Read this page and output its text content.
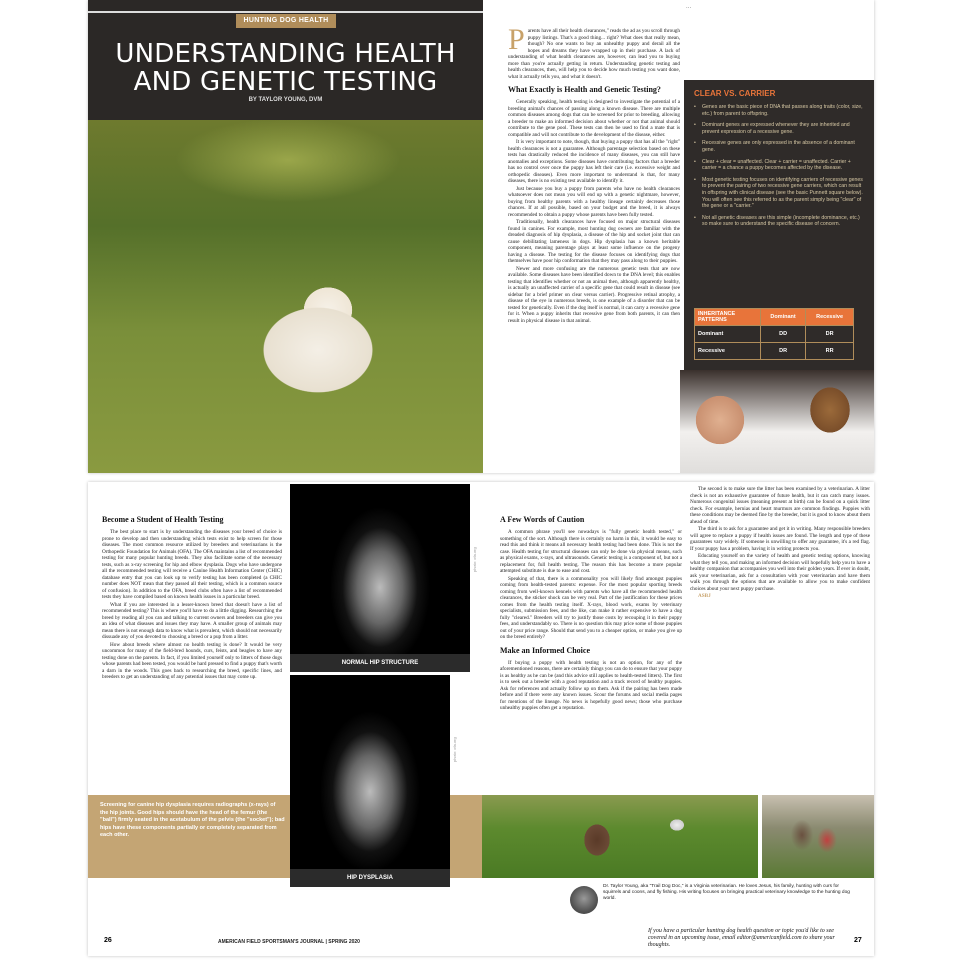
HUNTING DOG HEALTH
UNDERSTANDING HEALTH
AND GENETIC TESTING
BY TAYLOR YOUNG, DVM
P arents have all their health clearances," reads the ad as you scroll through puppy listings. That's a good thing... right? What does that really mean, though? No one wants to buy an unhealthy puppy and derail all the hopes and dreams they have wrapped up in their purchase. A lack of understanding of what health clearances are, however, can lead you to buying more than you're actually getting in return. Understanding genetic testing and health clearances, then, will help you to decide how much testing you want done, what it actually tells you, and what it doesn't.

What Exactly is Health and Genetic Testing?

Generally speaking, health testing is designed to investigate the potential of a breeding animal's chances of passing along a known disease. There are multiple common diseases among dogs that can be screened for prior to breeding, allowing a breeder to make an informed decision about whether or not that animal should contribute to the gene pool. These tests can then be used to find a mate that is compatible and will not contribute to the development of the disease, either.

It is very important to note, though, that buying a puppy that has all the "right" health clearances is not a guarantee. Although parentage selection based on these tests has drastically reduced the incidence of many diseases, you can still have anomalies and exceptions. Some diseases have contributing factors that a breeder has no control over once the puppy has left their care (i.e. excessive weight and orthopedic diseases). Even more important to understand is that, for many diseases, there is no existing test available to identify it.

Just because you buy a puppy from parents who have no health clearances whatsoever does not mean you will end up with a genetic nightmare, however, buying from healthy parents with a healthy lineage certainly decreases those chances. If at all possible, based on your budget and the breed, it is always recommended to obtain a puppy whose parents have been fully tested.

Traditionally, health clearances have focused on major structural diseases found in canines. For example, most hunting dog owners are familiar with the dreaded diagnosis of hip dysplasia, a disease of the hip and socket joint that can cause debilitating lameness in dogs. Hip dysplasia has a known heritable component, meaning parentage plays at least some influence on the progeny having a disease. The testing for the disease focuses on identifying dogs that themselves have poor hip conformation that they may pass along to their puppies.

Newer and more confusing are the numerous genetic tests that are now available. Some diseases have been identified down to the DNA level; this enables testing that identifies whether or not an animal then, although apparently healthy, is actually an unaffected carrier of a specific gene that could result in disease (see sidebar for a brief primer on clear versus carrier). Progressive retinal atrophy, a disease of the eye in numerous breeds, is one example of a disorder that can be tested for genetically. Even if the dog itself is normal, it can carry a recessive gene for it. When a puppy inherits that recessive gene from both parents, it can then result in physical disease in that animal.

…

CLEAR VS. CARRIER
• Genes are the basic piece of DNA that passes along traits (color, size, etc.) from parent to offspring.
• Dominant genes are expressed whenever they are inherited and prevent expression of a recessive gene.
• Recessive genes are only expressed in the absence of a dominant gene.
• Clear + clear = unaffected. Clear + carrier = unaffected. Carrier + carrier = a chance a puppy becomes affected by the disease.
• Most genetic testing focuses on identifying carriers of recessive genes to prevent the pairing of two recessive gene carriers, which can result in offspring with clinical disease (see the basic Punnett square below). You will often see this referred to as the parent simply being "clear" of the gene or a "carrier."
• Not all genetic diseases are this simple (incomplete dominance, etc.) so make sure to understand the specific disease of concern.
INHERITANCE PATTERNS	Dominant	Recessive
Dominant	DD	DR
Recessive	DR	RR
Become a Student of Health Testing

The best place to start is by understanding the diseases your breed of choice is prone to develop and then understanding which tests exist to help screen for those diseases. The most common resource utilized by breeders and veterinarians is the Orthopedic Foundation for Animals (OFA). The OFA maintains a list of recommended testing for many popular hunting breeds. They also facilitate some of the necessary tests, such as x-ray screening for hip and elbow dysplasia. Dogs who have undergone all the recommended testing will receive a Canine Health Information Center (CHIC) database entry that you can look up to verify testing has been completed (a CHIC number does NOT mean that they passed all their testing, which is a common source of confusion). In addition to the OFA, breed clubs often have a list of recommended tests they have compiled based on known health issues in a particular breed.

What if you are interested in a lesser-known breed that doesn't have a list of recommended testing? This is where you'll have to do a little digging. Researching the breed by reading all you can and talking to current owners and breeders can give you an idea of what diseases and issues they may have. A smaller group of animals may mean there is not enough data to know what is prevalent, which should not necessarily dissuade any of you devoted to choosing a breed or a pup from a litter.

How about breeds where almost no health testing is done? It would be very uncommon for many of the field-bred hounds, curs, feists, and beagles to have any testing done on the parents. In fact, if you limited yourself only to litters of those dogs whose parents had been tested, you would be hard pressed to find a puppy that's worth a darn in the woods. This goes back to researching the breed, specific lines, and breeders to get an understanding of any potential issues that may come up.

Screening for canine hip dysplasia requires radiographs (x-rays) of the hip joints. Good hips should have the head of the femur (the "ball") firmly seated in the acetabulum of the pelvis (the "socket"); bad hips have these components partially or completely separated from each other.
NORMAL HIP STRUCTURE
photo: ofa.org
HIP DYSPLASIA
photo: ofa.org
A Few Words of Caution

A common phrase you'll see nowadays is "fully genetic health tested," or something of the sort. Although there is certainly no harm in this, it would be easy to read this and think it means all necessary health testing had been done. This is not the case. Health testing for structural diseases can only be done via physical means, such as physical exams, x-rays, and ultrasounds. Genetic testing is a component of, but not a replacement for, full health testing. The reason this has become a more popular attempted substitute is due to ease and cost.

Speaking of that, there is a commonality you will likely find amongst puppies coming from health-tested parents: expense. For the most popular sporting breeds coming from well-known kennels with parents who have all the recommended health clearances, the sticker shock can be very real. Part of the justification for these prices comes from the health testing itself. X-rays, blood work, exams by veterinary specialists, submission fees, and the like, can make it rather expensive to have a dog fully "cleared." Breeders will try to justify those costs by recouping it in their puppy fees, and understandably so. There is no question this may price some of those puppies out of your price range. Should that send you to a cheaper option, or make you give up on the breed entirely?

Make an Informed Choice

If buying a puppy with health testing is not an option, for any of the aforementioned reasons, there are certainly things you can do to ensure that your puppy is as healthy as he can be (and this advice still applies to health-tested litters). The first is to seek out a breeder with a good reputation and a track record of healthy puppies. Ask for references and actually follow up on them. Ask if the pairing has been made before and if there were any known issues. Scour the forums and social media pages for mentions of the lineage. No news is hopefully good news; those who purchase unhealthy puppies often get a reputation.

The second is to make sure the litter has been examined by a veterinarian. A litter check is not an exhaustive guarantee of future health, but it can catch many issues. Numerous congenital issues (meaning present at birth) can be found on a quick litter check. For example, hernias and heart murmurs are common findings. Puppies with these conditions may be deemed fine by the breeder, but it is good to know about them ahead of time.

The third is to ask for a guarantee and get it in writing. Many responsible breeders will agree to replace a puppy if health issues are found. The length and type of these guarantees vary widely. If someone is unwilling to offer any guarantee, it's a red flag. If your puppy has a problem, having it in writing protects you.

Educating yourself on the variety of health and genetic testing options, knowing what they tell you, and making an informed decision will hopefully help you to have a healthy companion that accompanies you well into their golden years. If ever in doubt, ask your veterinarian, ask for a consultation with your veterinarian and have them walk you through the options that are available to allow you to make confident choices about your next puppy purchase.

ASBJ

Dr. Taylor Young, aka "Trail Dog Doc," is a Virginia veterinarian. He loves Jesus, his family, hunting with curs for squirrels and coons, and fly fishing. His writing focuses on bringing practical veterinary knowledge to the hunting dog world.
If you have a particular hunting dog health question or topic you'd like to see covered in an upcoming issue, email editor@americanfield.com to share your thoughts.
26	AMERICAN FIELD SPORTSMAN'S JOURNAL | SPRING 2020	27
